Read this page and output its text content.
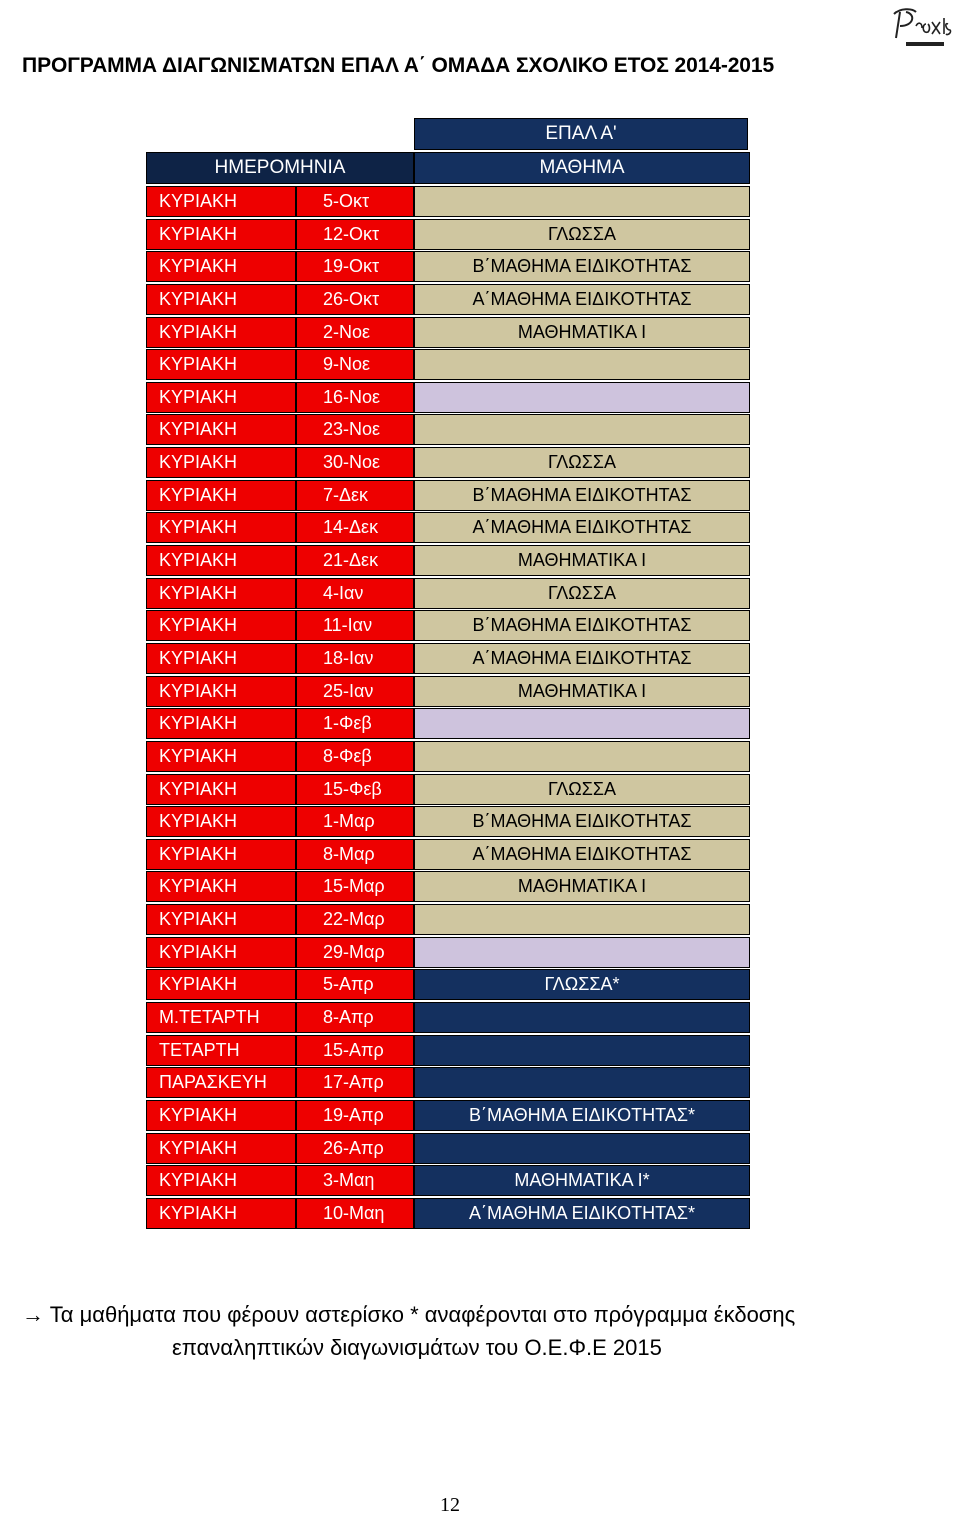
ΠΡΟΓΡΑΜΜΑ ΔΙΑΓΩΝΙΣΜΑΤΩΝ ΕΠΑΛ Α΄ ΟΜΑΔΑ ΣΧΟΛΙΚΟ ΕΤΟΣ 2014-2015
ΕΠΑΛ Α'
ΗΜΕΡΟΜΗΝΙΑ	ΜΑΘΗΜΑ
ΚΥΡΙΑΚΗ	5-Οκτ
ΚΥΡΙΑΚΗ	12-Οκτ	ΓΛΩΣΣΑ
ΚΥΡΙΑΚΗ	19-Οκτ	Β΄ΜΑΘΗΜΑ ΕΙΔΙΚΟΤΗΤΑΣ
ΚΥΡΙΑΚΗ	26-Οκτ	Α΄ΜΑΘΗΜΑ ΕΙΔΙΚΟΤΗΤΑΣ
ΚΥΡΙΑΚΗ	2-Νοε	ΜΑΘΗΜΑΤΙΚΑ Ι
ΚΥΡΙΑΚΗ	9-Νοε
ΚΥΡΙΑΚΗ	16-Νοε
ΚΥΡΙΑΚΗ	23-Νοε
ΚΥΡΙΑΚΗ	30-Νοε	ΓΛΩΣΣΑ
ΚΥΡΙΑΚΗ	7-Δεκ	Β΄ΜΑΘΗΜΑ ΕΙΔΙΚΟΤΗΤΑΣ
ΚΥΡΙΑΚΗ	14-Δεκ	Α΄ΜΑΘΗΜΑ ΕΙΔΙΚΟΤΗΤΑΣ
ΚΥΡΙΑΚΗ	21-Δεκ	ΜΑΘΗΜΑΤΙΚΑ Ι
ΚΥΡΙΑΚΗ	4-Ιαν	ΓΛΩΣΣΑ
ΚΥΡΙΑΚΗ	11-Ιαν	Β΄ΜΑΘΗΜΑ ΕΙΔΙΚΟΤΗΤΑΣ
ΚΥΡΙΑΚΗ	18-Ιαν	Α΄ΜΑΘΗΜΑ ΕΙΔΙΚΟΤΗΤΑΣ
ΚΥΡΙΑΚΗ	25-Ιαν	ΜΑΘΗΜΑΤΙΚΑ Ι
ΚΥΡΙΑΚΗ	1-Φεβ
ΚΥΡΙΑΚΗ	8-Φεβ
ΚΥΡΙΑΚΗ	15-Φεβ	ΓΛΩΣΣΑ
ΚΥΡΙΑΚΗ	1-Μαρ	Β΄ΜΑΘΗΜΑ ΕΙΔΙΚΟΤΗΤΑΣ
ΚΥΡΙΑΚΗ	8-Μαρ	Α΄ΜΑΘΗΜΑ ΕΙΔΙΚΟΤΗΤΑΣ
ΚΥΡΙΑΚΗ	15-Μαρ	ΜΑΘΗΜΑΤΙΚΑ Ι
ΚΥΡΙΑΚΗ	22-Μαρ
ΚΥΡΙΑΚΗ	29-Μαρ
ΚΥΡΙΑΚΗ	5-Απρ	ΓΛΩΣΣΑ*
Μ.ΤΕΤΑΡΤΗ	8-Απρ
ΤΕΤΑΡΤΗ	15-Απρ
ΠΑΡΑΣΚΕΥΗ	17-Απρ
ΚΥΡΙΑΚΗ	19-Απρ	Β΄ΜΑΘΗΜΑ ΕΙΔΙΚΟΤΗΤΑΣ*
ΚΥΡΙΑΚΗ	26-Απρ
ΚΥΡΙΑΚΗ	3-Μαη	ΜΑΘΗΜΑΤΙΚΑ Ι*
ΚΥΡΙΑΚΗ	10-Μαη	Α΄ΜΑΘΗΜΑ ΕΙΔΙΚΟΤΗΤΑΣ*
→ Τα μαθήματα που φέρουν αστερίσκο * αναφέρονται στο πρόγραμμα έκδοσης
επαναληπτικών διαγωνισμάτων του Ο.Ε.Φ.Ε 2015
12
